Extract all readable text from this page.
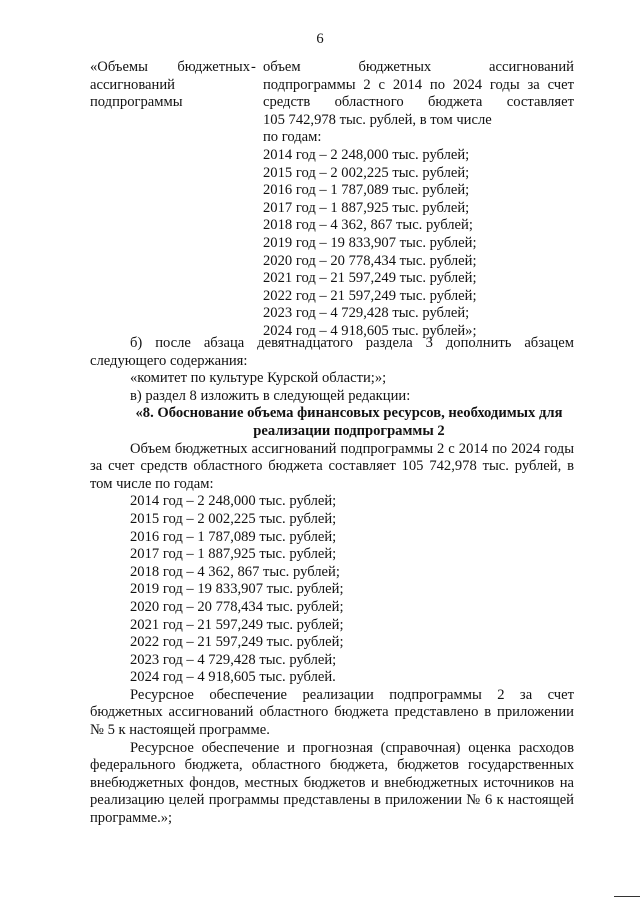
6
«Объемы бюджетных
ассигнований
подпрограммы
- объем бюджетных ассигнований
подпрограммы 2 с 2014 по 2024 годы за счет
средств областного бюджета составляет
105 742,978 тыс. рублей, в том числе
по годам:
2014 год – 2 248,000 тыс. рублей;
2015 год – 2 002,225 тыс. рублей;
2016 год – 1 787,089 тыс. рублей;
2017 год – 1 887,925 тыс. рублей;
2018 год – 4 362, 867 тыс. рублей;
2019 год – 19 833,907 тыс. рублей;
2020 год – 20 778,434 тыс. рублей;
2021 год – 21 597,249 тыс. рублей;
2022 год – 21 597,249 тыс. рублей;
2023 год – 4 729,428 тыс. рублей;
2024 год – 4 918,605 тыс. рублей»;

б) после абзаца девятнадцатого раздела 3 дополнить абзацем следующего содержания:

«комитет по культуре Курской области;»;

в) раздел 8 изложить в следующей редакции:

«8. Обоснование объема финансовых ресурсов, необходимых для реализации подпрограммы 2

Объем бюджетных ассигнований подпрограммы 2 с 2014 по 2024 годы за счет средств областного бюджета составляет 105 742,978 тыс. рублей, в том числе по годам:

2014 год – 2 248,000 тыс. рублей;
2015 год – 2 002,225 тыс. рублей;
2016 год – 1 787,089 тыс. рублей;
2017 год – 1 887,925 тыс. рублей;
2018 год – 4 362, 867 тыс. рублей;
2019 год – 19 833,907 тыс. рублей;
2020 год – 20 778,434 тыс. рублей;
2021 год – 21 597,249 тыс. рублей;
2022 год – 21 597,249 тыс. рублей;
2023 год – 4 729,428 тыс. рублей;
2024 год – 4 918,605 тыс. рублей.

Ресурсное обеспечение реализации подпрограммы 2 за счет бюджетных ассигнований областного бюджета представлено в приложении № 5 к настоящей программе.

Ресурсное обеспечение и прогнозная (справочная) оценка расходов федерального бюджета, областного бюджета, бюджетов государственных внебюджетных фондов, местных бюджетов и внебюджетных источников на реализацию целей программы представлены в приложении № 6 к настоящей программе.»;
